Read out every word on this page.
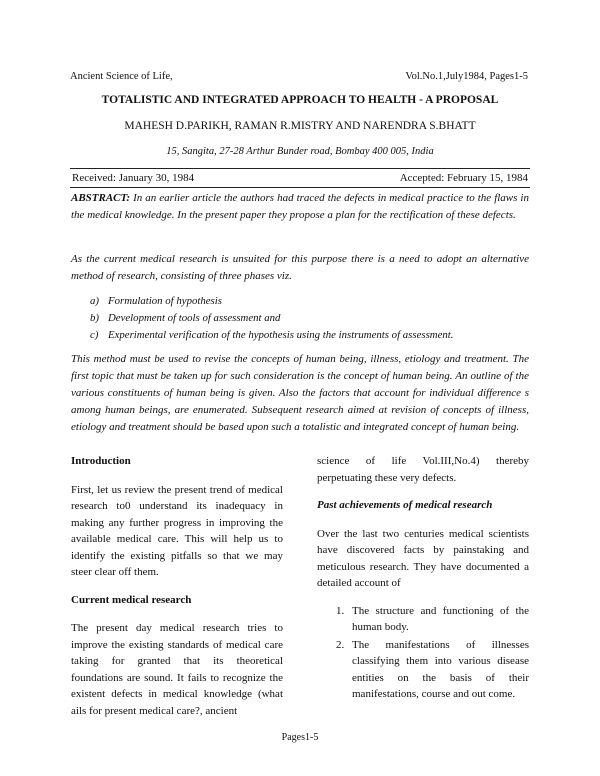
Ancient Science of Life,	Vol.No.1,July1984, Pages1-5
TOTALISTIC AND INTEGRATED APPROACH TO HEALTH - A PROPOSAL
MAHESH D.PARIKH, RAMAN R.MISTRY AND NARENDRA S.BHATT
15, Sangita, 27-28 Arthur Bunder road, Bombay 400 005, India
Received: January 30, 1984	Accepted: February 15, 1984
ABSTRACT: In an earlier article the authors had traced the defects in medical practice to the flaws in the medical knowledge. In the present paper they propose a plan for the rectification of these defects.
As the current medical research is unsuited for this purpose there is a need to adopt an alternative method of research, consisting of three phases viz.
a) Formulation of hypothesis
b) Development of tools of assessment and
c) Experimental verification of the hypothesis using the instruments of assessment.
This method must be used to revise the concepts of human being, illness, etiology and treatment. The first topic that must be taken up for such consideration is the concept of human being. An outline of the various constituents of human being is given. Also the factors that account for individual difference s among human beings, are enumerated. Subsequent research aimed at revision of concepts of illness, etiology and treatment should be based upon such a totalistic and integrated concept of human being.
Introduction

First, let us review the present trend of medical research to0 understand its inadequacy in making any further progress in improving the available medical care. This will help us to identify the existing pitfalls so that we may steer clear off them.

Current medical research

The present day medical research tries to improve the existing standards of medical care taking for granted that its theoretical foundations are sound. It fails to recognize the existent defects in medical knowledge (what ails for present medical care?, ancient

science of life Vol.III,No.4) thereby perpetuating these very defects.

Past achievements of medical research

Over the last two centuries medical scientists have discovered facts by painstaking and meticulous research. They have documented a detailed account of

1. The structure and functioning of the human body.
2. The manifestations of illnesses classifying them into various disease entities on the basis of their manifestations, course and out come.
Pages1-5
